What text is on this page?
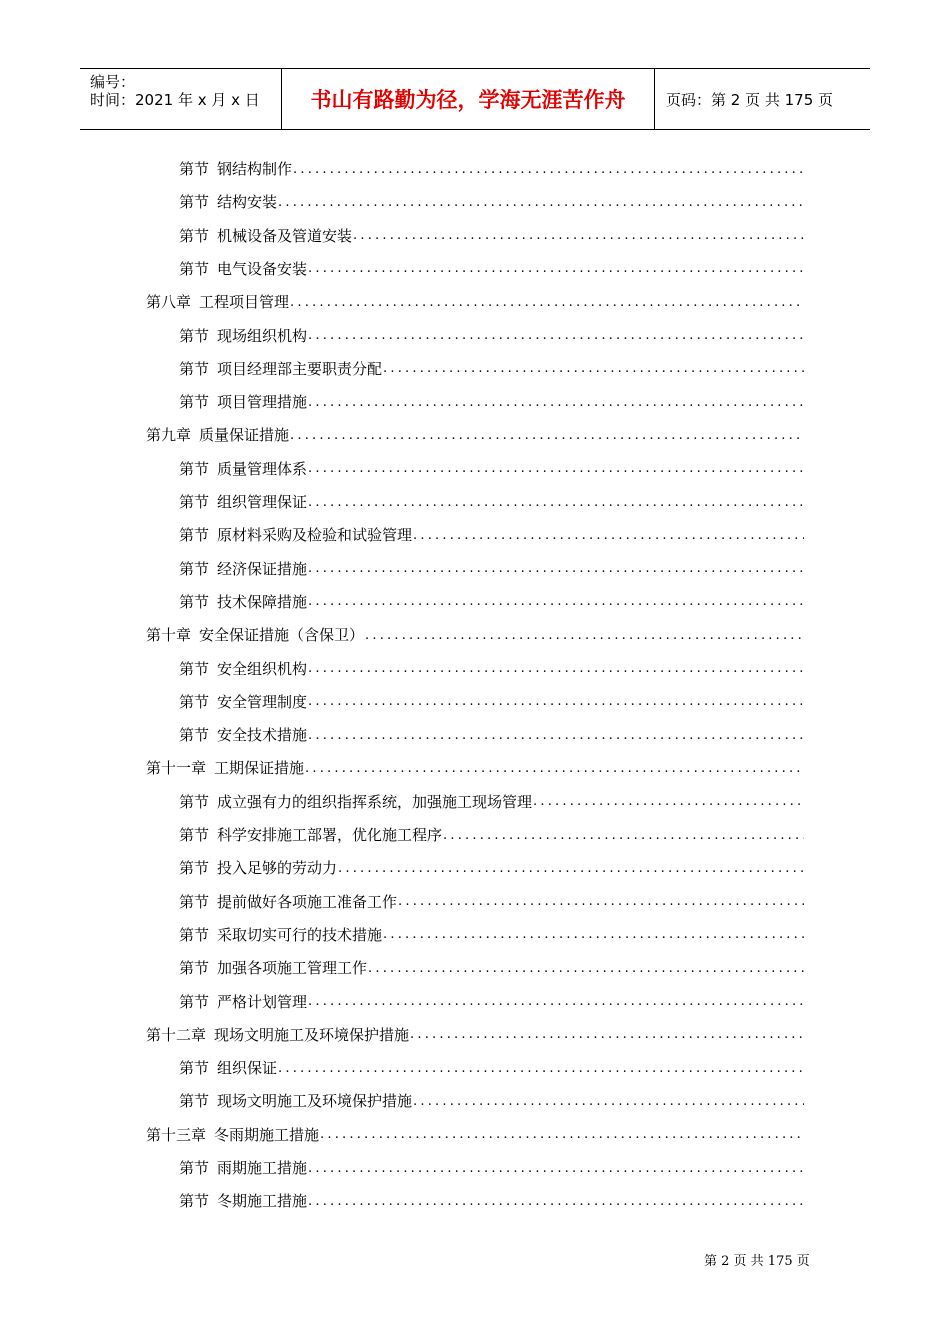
编号：
时间：2021 年 x 月 x 日	书山有路勤为径，学海无涯苦作舟	页码：第 2 页 共 175 页
第节 钢结构制作
.....
第节 结构安装
.....
第节 机械设备及管道安装
.....
第节 电气设备安装
.....
第八章 工程项目管理
.....
第节 现场组织机构
.....
第节 项目经理部主要职责分配
.....
第节 项目管理措施
.....
第九章 质量保证措施
.....
第节 质量管理体系
.....
第节 组织管理保证
.....
第节 原材料采购及检验和试验管理
.....
第节 经济保证措施
.....
第节 技术保障措施
.....
第十章 安全保证措施（含保卫）
.....
第节 安全组织机构
.....
第节 安全管理制度
.....
第节 安全技术措施
.....
第十一章 工期保证措施
.....
第节 成立强有力的组织指挥系统，加强施工现场管理
.....
第节 科学安排施工部署，优化施工程序
.....
第节 投入足够的劳动力
.....
第节 提前做好各项施工准备工作
.....
第节 采取切实可行的技术措施
.....
第节 加强各项施工管理工作
.....
第节 严格计划管理
.....
第十二章 现场文明施工及环境保护措施
.....
第节 组织保证
.....
第节 现场文明施工及环境保护措施
.....
第十三章 冬雨期施工措施
.....
第节 雨期施工措施
.....
第节 冬期施工措施
.....
第 2 页 共 175 页
